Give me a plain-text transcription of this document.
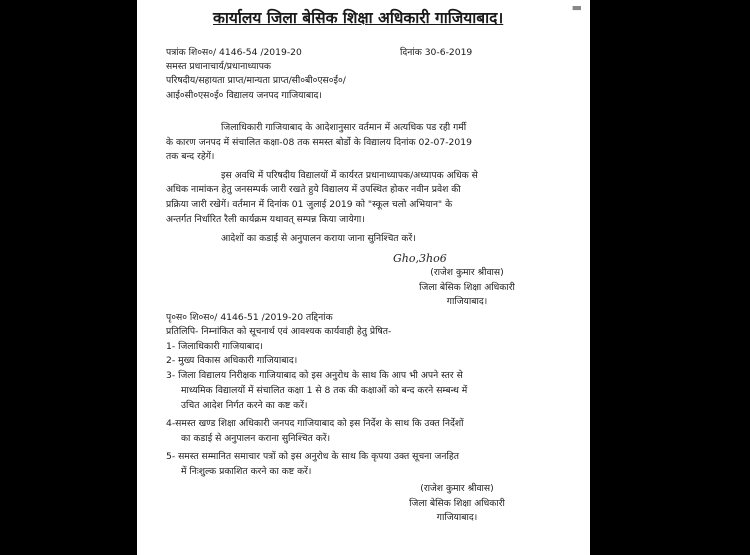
▬
कार्यालय जिला बेसिक शिक्षा अधिकारी गाजियाबाद।
पत्रांक शि०स०/ 4146-54 /2019-20	दिनांक 30-6-2019
समस्त प्रधानाचार्य/प्रधानाध्यापक
परिषदीय/सहायता प्राप्त/मान्यता प्राप्त/सी०बी०एस०ई०/
आई०सी०एस०ई० विद्यालय जनपद गाजियाबाद।
जिलाधिकारी गाजियाबाद के आदेशानुसार वर्तमान में अत्यधिक पड रही गर्मी
के कारण जनपद में संचालित कक्षा-08 तक समस्त बोर्डो के विद्यालय दिनांक 02-07-2019
तक बन्द रहेगें।
इस अवधि में परिषदीय विद्यालयों में कार्यरत प्रधानाध्यापक/अध्यापक अधिक से
अधिक नामांकन हेतु जनसम्पर्क जारी रखते हुये विद्यालय में उपस्थित होकर नवीन प्रवेश की
प्रक्रिया जारी रखेगें। वर्तमान में दिनांक 01 जुलाई 2019 को "स्कूल चलो अभियान" के
अन्तर्गत निर्धारित रैली कार्यक्रम यथावत् सम्पन्न किया जायेगा।
आदेशों का कडाई से अनुपालन कराया जाना सुनिश्चित करें।
Gho,3ho6
(राजेश कुमार श्रीवास)
जिला बेसिक शिक्षा अधिकारी
गाजियाबाद।
पृ०स० शि०स०/ 4146-51 /2019-20 तद्दिनांक
प्रतिलिपि- निम्नांकित को सूचनार्थ एवं आवश्यक कार्यवाही हेतु प्रेषित-
1- जिलाधिकारी गाजियाबाद।
2- मुख्य विकास अधिकारी गाजियाबाद।
3- जिला विद्यालय निरीक्षक गाजियाबाद को इस अनुरोध के साथ कि आप भी अपने स्तर से
माध्यमिक विद्यालयों में संचालित कक्षा 1 से 8 तक की कक्षाओं को बन्द करने सम्बन्ध में
उचित आदेश निर्गत करने का कष्ट करें।
4-समस्त खण्ड शिक्षा अधिकारी जनपद गाजियाबाद को इस निर्देश के साथ कि उक्त निर्देशों
का कडाई से अनुपालन कराना सुनिश्चित करें।
5- समस्त सम्मानित समाचार पत्रों को इस अनुरोध के साथ कि कृपया उक्त सूचना जनहित
में निःशुल्क प्रकाशित करने का कष्ट करें।
(राजेश कुमार श्रीवास)
जिला बेसिक शिक्षा अधिकारी
गाजियाबाद।
